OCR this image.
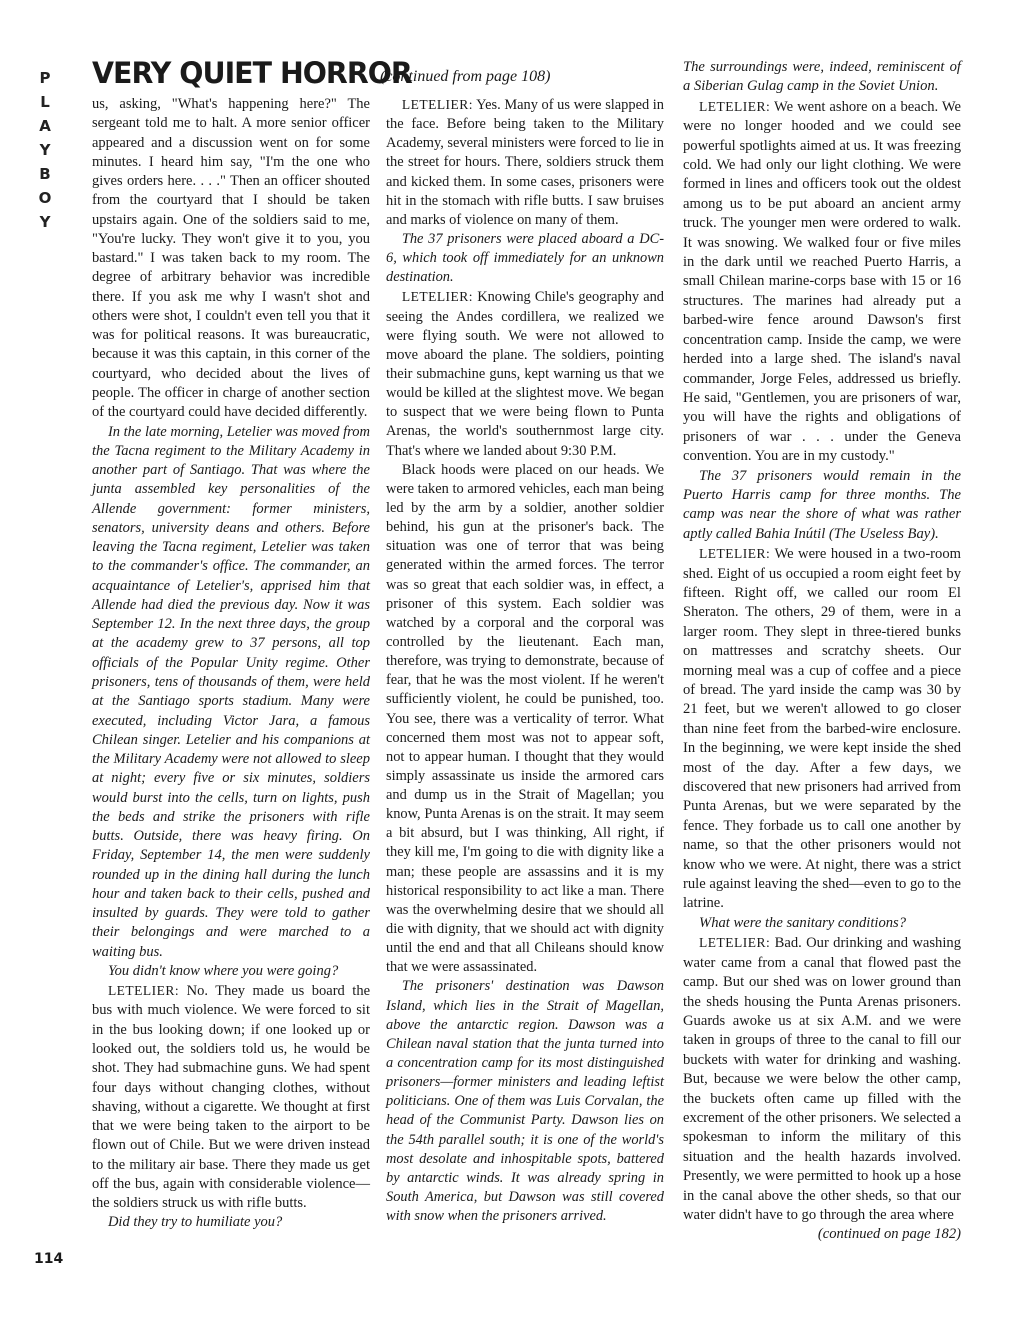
P
L
A
Y
B
O
Y
VERY QUIET HORROR
(continued from page 108)

us, asking, "What's happening here?" The sergeant told me to halt. A more senior officer appeared and a discussion went on for some minutes. I heard him say, "I'm the one who gives orders here. . . ." Then an officer shouted from the courtyard that I should be taken upstairs again. One of the soldiers said to me, "You're lucky. They won't give it to you, you bastard." I was taken back to my room. The degree of arbitrary behavior was incredible there. If you ask me why I wasn't shot and others were shot, I couldn't even tell you that it was for political reasons. It was bureaucratic, because it was this captain, in this corner of the courtyard, who decided about the lives of people. The officer in charge of another section of the courtyard could have decided differently.

In the late morning, Letelier was moved from the Tacna regiment to the Military Academy in another part of Santiago. That was where the junta assembled key personalities of the Allende government: former ministers, senators, university deans and others. Before leaving the Tacna regiment, Letelier was taken to the commander's office. The commander, an acquaintance of Letelier's, apprised him that Allende had died the previous day. Now it was September 12. In the next three days, the group at the academy grew to 37 persons, all top officials of the Popular Unity regime. Other prisoners, tens of thousands of them, were held at the Santiago sports stadium. Many were executed, including Victor Jara, a famous Chilean singer. Letelier and his companions at the Military Academy were not allowed to sleep at night; every five or six minutes, soldiers would burst into the cells, turn on lights, push the beds and strike the prisoners with rifle butts. Outside, there was heavy firing. On Friday, September 14, the men were suddenly rounded up in the dining hall during the lunch hour and taken back to their cells, pushed and insulted by guards. They were told to gather their belongings and were marched to a waiting bus.

You didn't know where you were going?

LETELIER: No. They made us board the bus with much violence. We were forced to sit in the bus looking down; if one looked up or looked out, the soldiers told us, he would be shot. They had submachine guns. We had spent four days without changing clothes, without shaving, without a cigarette. We thought at first that we were being taken to the airport to be flown out of Chile. But we were driven instead to the military air base. There they made us get off the bus, again with considerable violence—the soldiers struck us with rifle butts.

Did they try to humiliate you?

LETELIER: Yes. Many of us were slapped in the face. Before being taken to the Military Academy, several ministers were forced to lie in the street for hours. There, soldiers struck them and kicked them. In some cases, prisoners were hit in the stomach with rifle butts. I saw bruises and marks of violence on many of them.

The 37 prisoners were placed aboard a DC-6, which took off immediately for an unknown destination.

LETELIER: Knowing Chile's geography and seeing the Andes cordillera, we realized we were flying south. We were not allowed to move aboard the plane. The soldiers, pointing their submachine guns, kept warning us that we would be killed at the slightest move. We began to suspect that we were being flown to Punta Arenas, the world's southernmost large city. That's where we landed about 9:30 P.M.

Black hoods were placed on our heads. We were taken to armored vehicles, each man being led by the arm by a soldier, another soldier behind, his gun at the prisoner's back. The situation was one of terror that was being generated within the armed forces. The terror was so great that each soldier was, in effect, a prisoner of this system. Each soldier was watched by a corporal and the corporal was controlled by the lieutenant. Each man, therefore, was trying to demonstrate, because of fear, that he was the most violent. If he weren't sufficiently violent, he could be punished, too. You see, there was a verticality of terror. What concerned them most was not to appear soft, not to appear human. I thought that they would simply assassinate us inside the armored cars and dump us in the Strait of Magellan; you know, Punta Arenas is on the strait. It may seem a bit absurd, but I was thinking, All right, if they kill me, I'm going to die with dignity like a man; these people are assassins and it is my historical responsibility to act like a man. There was the overwhelming desire that we should all die with dignity, that we should act with dignity until the end and that all Chileans should know that we were assassinated.

The prisoners' destination was Dawson Island, which lies in the Strait of Magellan, above the antarctic region. Dawson was a Chilean naval station that the junta turned into a concentration camp for its most distinguished prisoners—former ministers and leading leftist politicians. One of them was Luis Corvalan, the head of the Communist Party. Dawson lies on the 54th parallel south; it is one of the world's most desolate and inhospitable spots, battered by antarctic winds. It was already spring in South America, but Dawson was still covered with snow when the prisoners arrived.

The surroundings were, indeed, reminiscent of a Siberian Gulag camp in the Soviet Union.

LETELIER: We went ashore on a beach. We were no longer hooded and we could see powerful spotlights aimed at us. It was freezing cold. We had only our light clothing. We were formed in lines and officers took out the oldest among us to be put aboard an ancient army truck. The younger men were ordered to walk. It was snowing. We walked four or five miles in the dark until we reached Puerto Harris, a small Chilean marine-corps base with 15 or 16 structures. The marines had already put a barbed-wire fence around Dawson's first concentration camp. Inside the camp, we were herded into a large shed. The island's naval commander, Jorge Feles, addressed us briefly. He said, "Gentlemen, you are prisoners of war, you will have the rights and obligations of prisoners of war . . . under the Geneva convention. You are in my custody."

The 37 prisoners would remain in the Puerto Harris camp for three months. The camp was near the shore of what was rather aptly called Bahia Inútil (The Useless Bay).

LETELIER: We were housed in a two-room shed. Eight of us occupied a room eight feet by fifteen. Right off, we called our room El Sheraton. The others, 29 of them, were in a larger room. They slept in three-tiered bunks on mattresses and scratchy sheets. Our morning meal was a cup of coffee and a piece of bread. The yard inside the camp was 30 by 21 feet, but we weren't allowed to go closer than nine feet from the barbed-wire enclosure. In the beginning, we were kept inside the shed most of the day. After a few days, we discovered that new prisoners had arrived from Punta Arenas, but we were separated by the fence. They forbade us to call one another by name, so that the other prisoners would not know who we were. At night, there was a strict rule against leaving the shed—even to go to the latrine.

What were the sanitary conditions?

LETELIER: Bad. Our drinking and washing water came from a canal that flowed past the camp. But our shed was on lower ground than the sheds housing the Punta Arenas prisoners. Guards awoke us at six A.M. and we were taken in groups of three to the canal to fill our buckets with water for drinking and washing. But, because we were below the other camp, the buckets often came up filled with the excrement of the other prisoners. We selected a spokesman to inform the military of this situation and the health hazards involved. Presently, we were permitted to hook up a hose in the canal above the other sheds, so that our water didn't have to go through the area where

(continued on page 182)

114
